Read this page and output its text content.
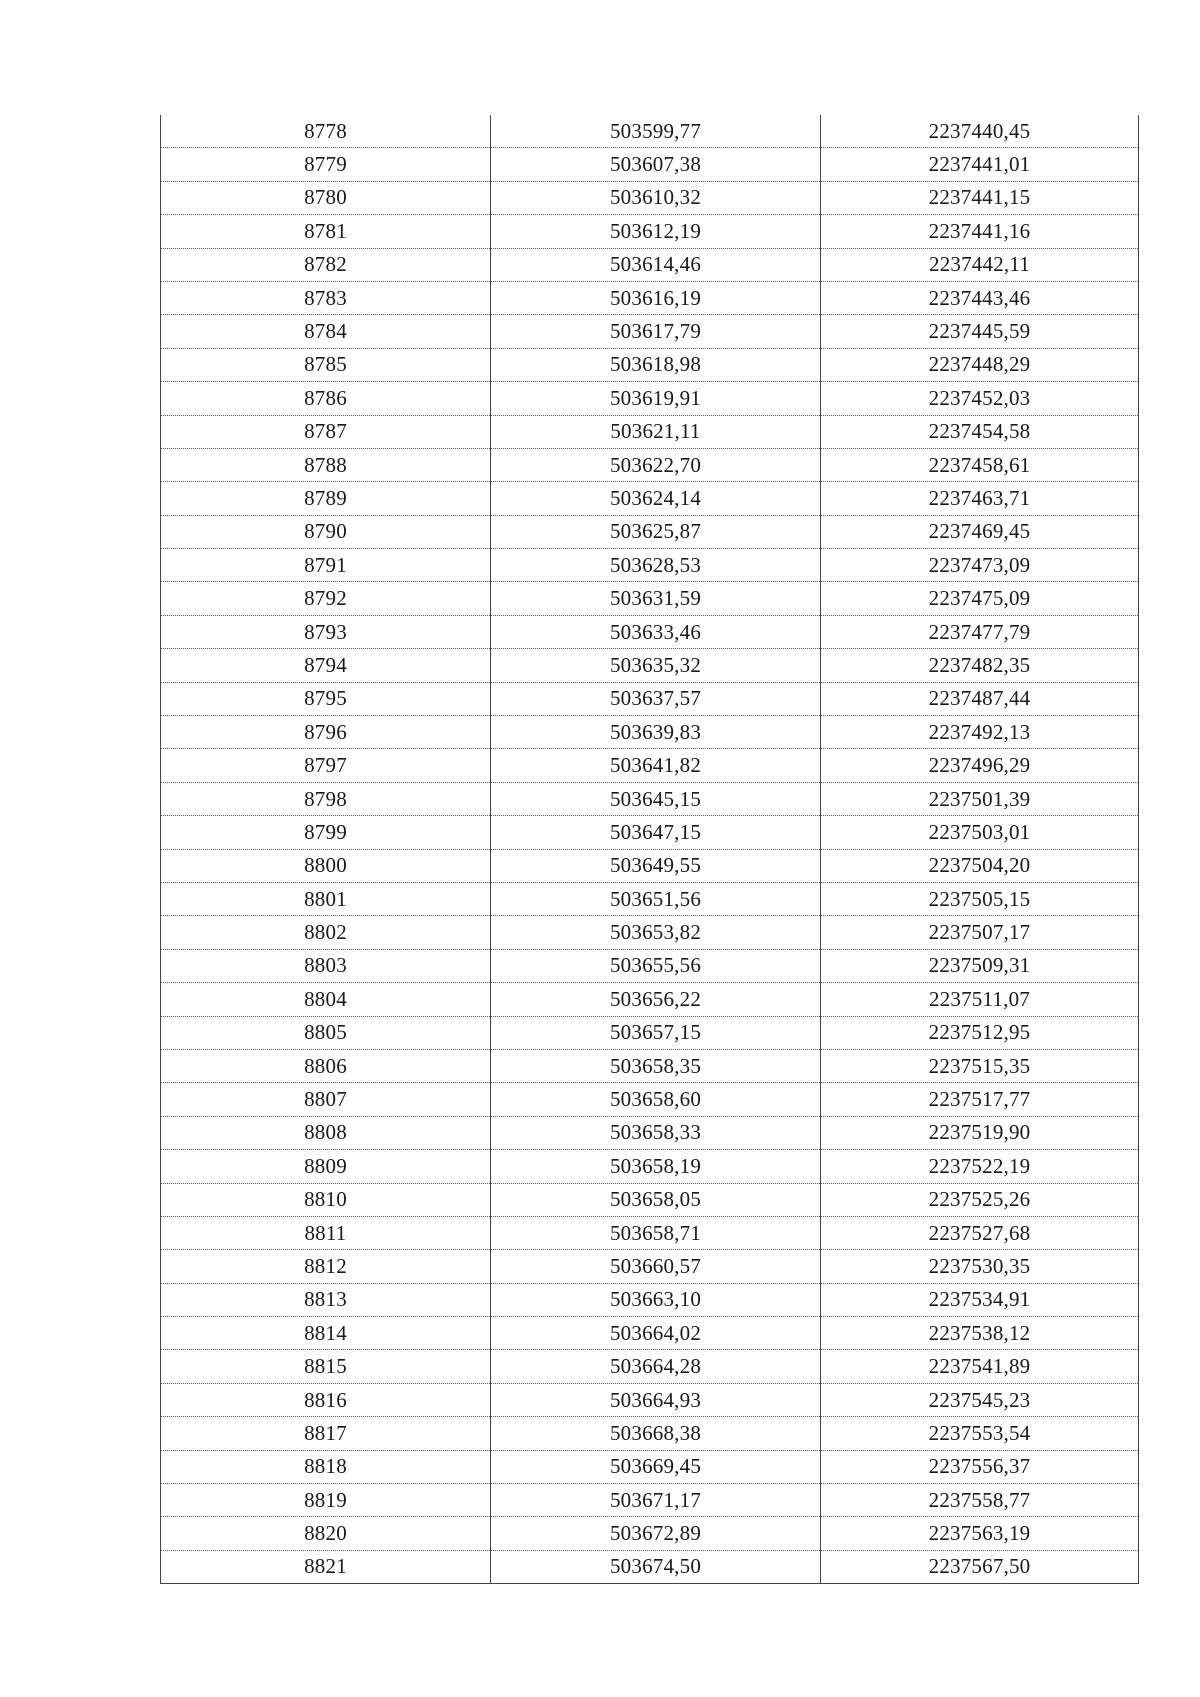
8778	503599,77	2237440,45
8779	503607,38	2237441,01
8780	503610,32	2237441,15
8781	503612,19	2237441,16
8782	503614,46	2237442,11
8783	503616,19	2237443,46
8784	503617,79	2237445,59
8785	503618,98	2237448,29
8786	503619,91	2237452,03
8787	503621,11	2237454,58
8788	503622,70	2237458,61
8789	503624,14	2237463,71
8790	503625,87	2237469,45
8791	503628,53	2237473,09
8792	503631,59	2237475,09
8793	503633,46	2237477,79
8794	503635,32	2237482,35
8795	503637,57	2237487,44
8796	503639,83	2237492,13
8797	503641,82	2237496,29
8798	503645,15	2237501,39
8799	503647,15	2237503,01
8800	503649,55	2237504,20
8801	503651,56	2237505,15
8802	503653,82	2237507,17
8803	503655,56	2237509,31
8804	503656,22	2237511,07
8805	503657,15	2237512,95
8806	503658,35	2237515,35
8807	503658,60	2237517,77
8808	503658,33	2237519,90
8809	503658,19	2237522,19
8810	503658,05	2237525,26
8811	503658,71	2237527,68
8812	503660,57	2237530,35
8813	503663,10	2237534,91
8814	503664,02	2237538,12
8815	503664,28	2237541,89
8816	503664,93	2237545,23
8817	503668,38	2237553,54
8818	503669,45	2237556,37
8819	503671,17	2237558,77
8820	503672,89	2237563,19
8821	503674,50	2237567,50
